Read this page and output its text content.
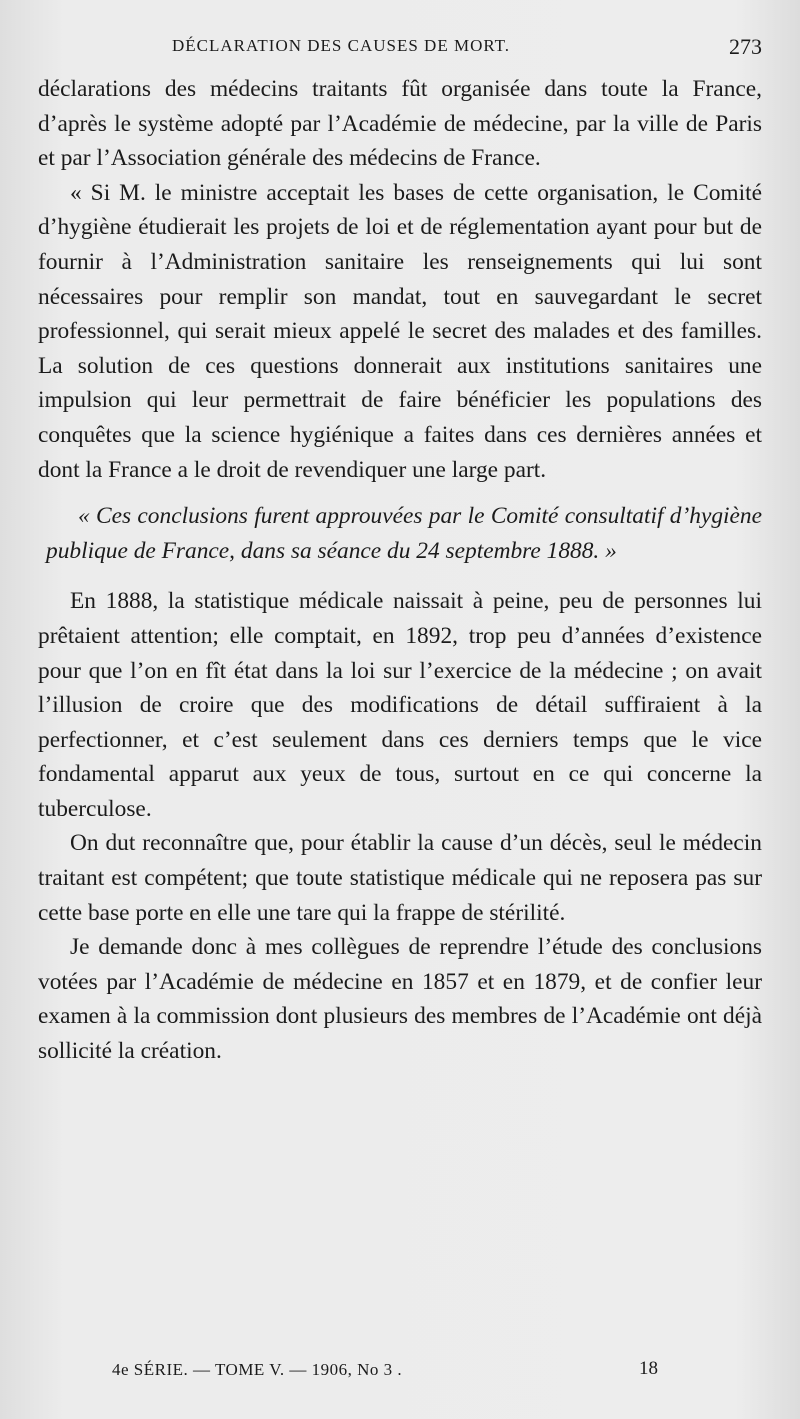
DÉCLARATION DES CAUSES DE MORT.	273

déclarations des médecins traitants fût organisée dans toute la France, d’après le système adopté par l’Académie de médecine, par la ville de Paris et par l’Association générale des médecins de France.

« Si M. le ministre acceptait les bases de cette organisation, le Comité d’hygiène étudierait les projets de loi et de réglementation ayant pour but de fournir à l’Administration sanitaire les renseignements qui lui sont nécessaires pour remplir son mandat, tout en sauvegardant le secret professionnel, qui serait mieux appelé le secret des malades et des familles. La solution de ces questions donnerait aux institutions sanitaires une impulsion qui leur permettrait de faire bénéficier les populations des conquêtes que la science hygiénique a faites dans ces dernières années et dont la France a le droit de revendiquer une large part.

« Ces conclusions furent approuvées par le Comité consultatif d’hygiène publique de France, dans sa séance du 24 septembre 1888. »

En 1888, la statistique médicale naissait à peine, peu de personnes lui prêtaient attention; elle comptait, en 1892, trop peu d’années d’existence pour que l’on en fît état dans la loi sur l’exercice de la médecine ; on avait l’illusion de croire que des modifications de détail suffiraient à la perfectionner, et c’est seulement dans ces derniers temps que le vice fondamental apparut aux yeux de tous, surtout en ce qui concerne la tuberculose.

On dut reconnaître que, pour établir la cause d’un décès, seul le médecin traitant est compétent; que toute statistique médicale qui ne reposera pas sur cette base porte en elle une tare qui la frappe de stérilité.

Je demande donc à mes collègues de reprendre l’étude des conclusions votées par l’Académie de médecine en 1857 et en 1879, et de confier leur examen à la commission dont plusieurs des membres de l’Académie ont déjà sollicité la création.

4e SÉRIE. — TOME V. — 1906, No 3 .	18
